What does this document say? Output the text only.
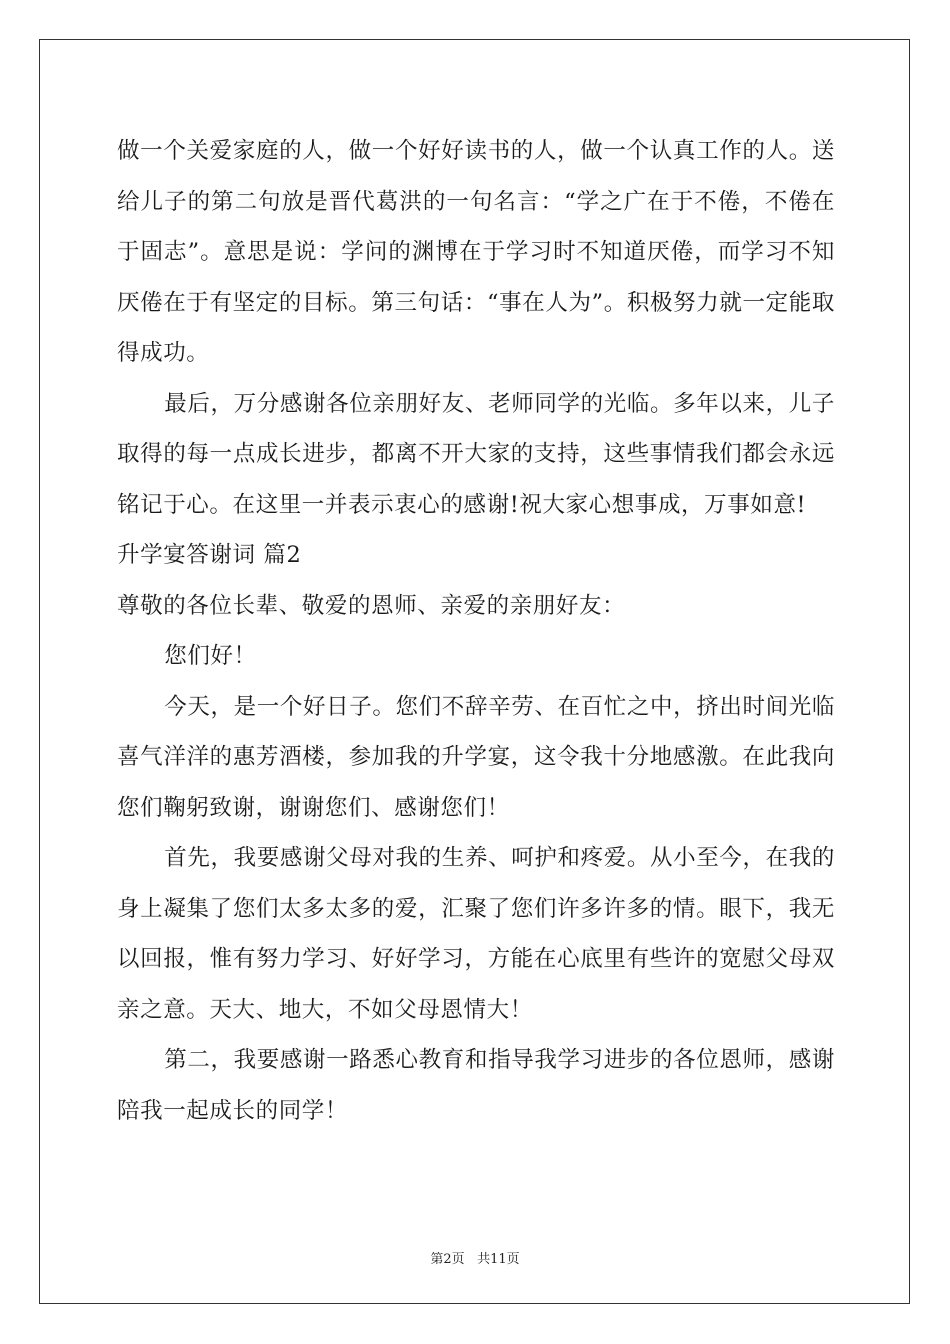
做一个关爱家庭的人，做一个好好读书的人，做一个认真工作的人。送给儿子的第二句放是晋代葛洪的一句名言：“学之广在于不倦，不倦在于固志”。意思是说：学问的渊博在于学习时不知道厌倦，而学习不知厌倦在于有坚定的目标。第三句话：“事在人为”。积极努力就一定能取得成功。

最后，万分感谢各位亲朋好友、老师同学的光临。多年以来，儿子取得的每一点成长进步，都离不开大家的支持，这些事情我们都会永远铭记于心。在这里一并表示衷心的感谢!祝大家心想事成，万事如意!

升学宴答谢词 篇2

尊敬的各位长辈、敬爱的恩师、亲爱的亲朋好友：

您们好！

今天，是一个好日子。您们不辞辛劳、在百忙之中，挤出时间光临喜气洋洋的惠芳酒楼，参加我的升学宴，这令我十分地感激。在此我向您们鞠躬致谢，谢谢您们、感谢您们！

首先，我要感谢父母对我的生养、呵护和疼爱。从小至今，在我的身上凝集了您们太多太多的爱，汇聚了您们许多许多的情。眼下，我无以回报，惟有努力学习、好好学习，方能在心底里有些许的宽慰父母双亲之意。天大、地大，不如父母恩情大！

第二，我要感谢一路悉心教育和指导我学习进步的各位恩师，感谢陪我一起成长的同学！

第2页 共11页
